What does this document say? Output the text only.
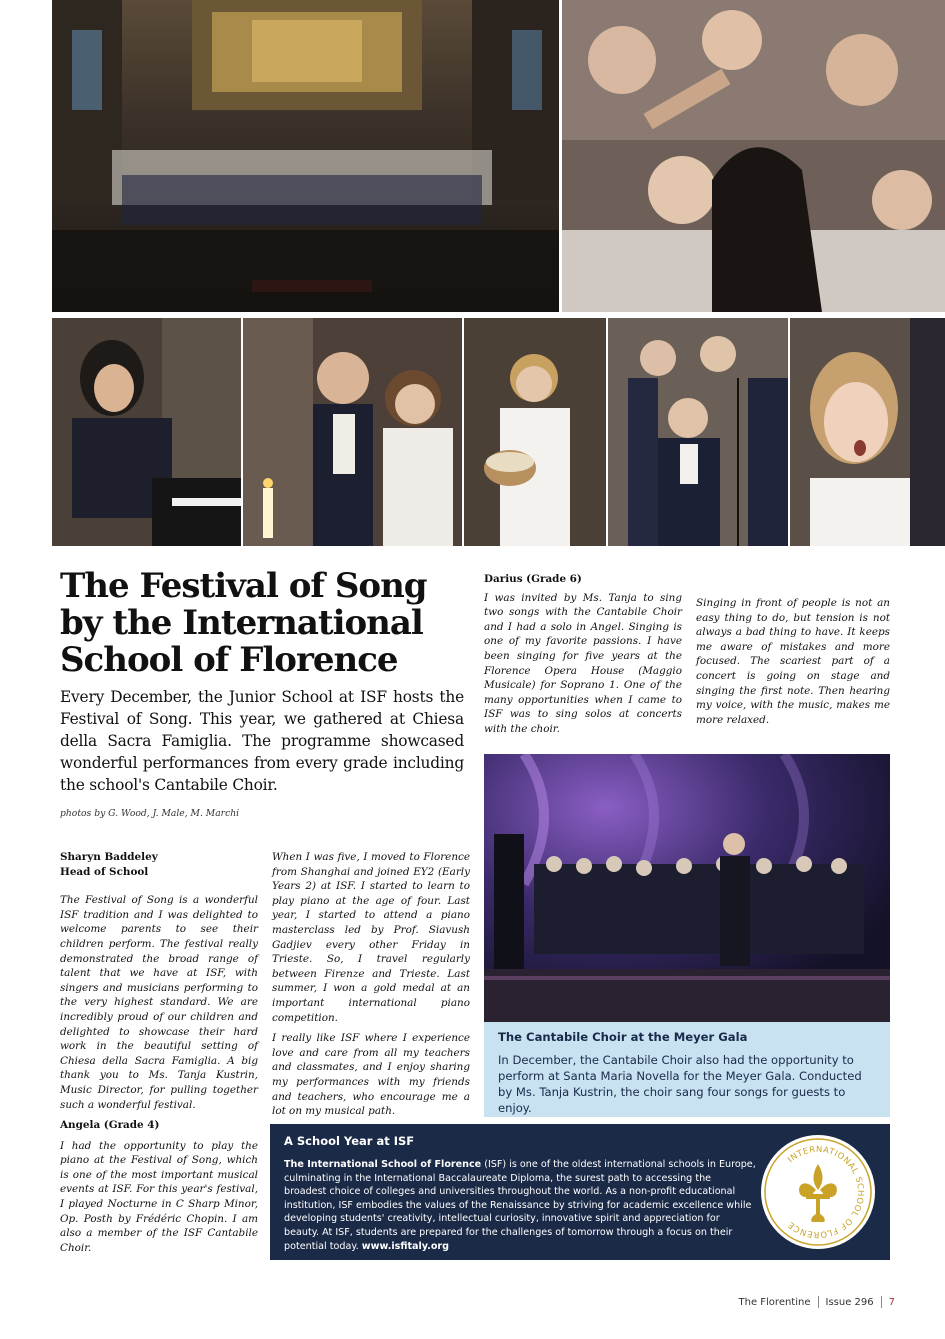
The Festival of Song by the International School of Florence

Every December, the Junior School at ISF hosts the Festival of Song. This year, we gathered at Chiesa della Sacra Famiglia. The programme showcased wonderful performances from every grade including the school's Cantabile Choir.

photos by G. Wood, J. Male, M. Marchi

Sharyn Baddeley
Head of School

The Festival of Song is a wonderful ISF tradition and I was delighted to welcome parents to see their children perform. The festival really demonstrated the broad range of talent that we have at ISF, with singers and musicians performing to the very highest standard. We are incredibly proud of our children and delighted to showcase their hard work in the beautiful setting of Chiesa della Sacra Famiglia. A big thank you to Ms. Tanja Kustrin, Music Director, for pulling together such a wonderful festival.

Angela (Grade 4)

I had the opportunity to play the piano at the Festival of Song, which is one of the most important musical events at ISF. For this year's festival, I played Nocturne in C Sharp Minor, Op. Posth by Frédéric Chopin. I am also a member of the ISF Cantabile Choir.

When I was five, I moved to Florence from Shanghai and joined EY2 (Early Years 2) at ISF. I started to learn to play piano at the age of four. Last year, I started to attend a piano masterclass led by Prof. Siavush Gadjiev every other Friday in Trieste. So, I travel regularly between Firenze and Trieste. Last summer, I won a gold medal at an important international piano competition.

I really like ISF where I experience love and care from all my teachers and classmates, and I enjoy sharing my performances with my friends and teachers, who encourage me a lot on my musical path.

Darius (Grade 6)

I was invited by Ms. Tanja to sing two songs with the Cantabile Choir and I had a solo in Angel. Singing is one of my favorite passions. I have been singing for five years at the Florence Opera House (Maggio Musicale) for Soprano 1. One of the many opportunities when I came to ISF was to sing solos at concerts with the choir.

Singing in front of people is not an easy thing to do, but tension is not always a bad thing to have. It keeps me aware of mistakes and more focused. The scariest part of a concert is going on stage and singing the first note. Then hearing my voice, with the music, makes me more relaxed.

The Cantabile Choir at the Meyer Gala
In December, the Cantabile Choir also had the opportunity to perform at Santa Maria Novella for the Meyer Gala. Conducted by Ms. Tanja Kustrin, the choir sang four songs for guests to enjoy.
A School Year at ISF
The International School of Florence (ISF) is one of the oldest international schools in Europe, culminating in the International Baccalaureate Diploma, the surest path to accessing the broadest choice of colleges and universities throughout the world. As a non-profit educational institution, ISF embodies the values of the Renaissance by striving for academic excellence while developing students' creativity, intellectual curiosity, innovative spirit and appreciation for beauty. At ISF, students are prepared for the challenges of tomorrow through a focus on their potential today. www.isfitaly.org
INTERNATIONAL SCHOOL OF FLORENCE
The Florentine Issue 296 7
